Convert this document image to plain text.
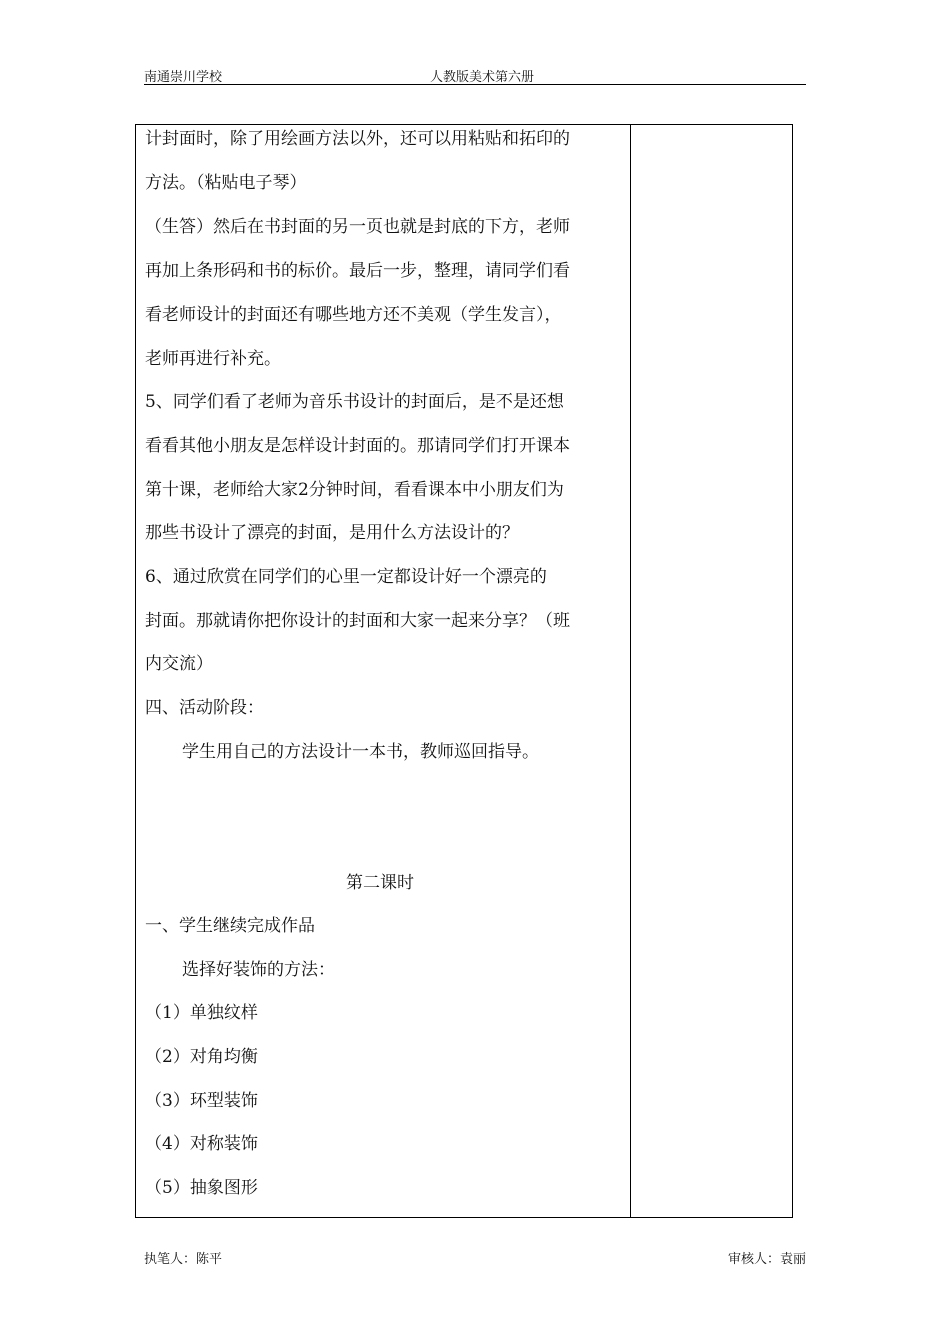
南通崇川学校	人教版美术第六册
计封面时，除了用绘画方法以外，还可以用粘贴和拓印的
方法。（粘贴电子琴）
（生答）然后在书封面的另一页也就是封底的下方，老师
再加上条形码和书的标价。最后一步，整理，请同学们看
看老师设计的封面还有哪些地方还不美观（学生发言），
老师再进行补充。
5、同学们看了老师为音乐书设计的封面后，是不是还想
看看其他小朋友是怎样设计封面的。那请同学们打开课本
第十课，老师给大家2分钟时间，看看课本中小朋友们为
那些书设计了漂亮的封面，是用什么方法设计的？
6、通过欣赏在同学们的心里一定都设计好一个漂亮的
封面。那就请你把你设计的封面和大家一起来分享？（班
内交流）
四、活动阶段：
学生用自己的方法设计一本书，教师巡回指导。
第二课时
一、学生继续完成作品
选择好装饰的方法：
（1）单独纹样
（2）对角均衡
（3）环型装饰
（4）对称装饰
（5）抽象图形
执笔人：陈平	审核人：袁丽
